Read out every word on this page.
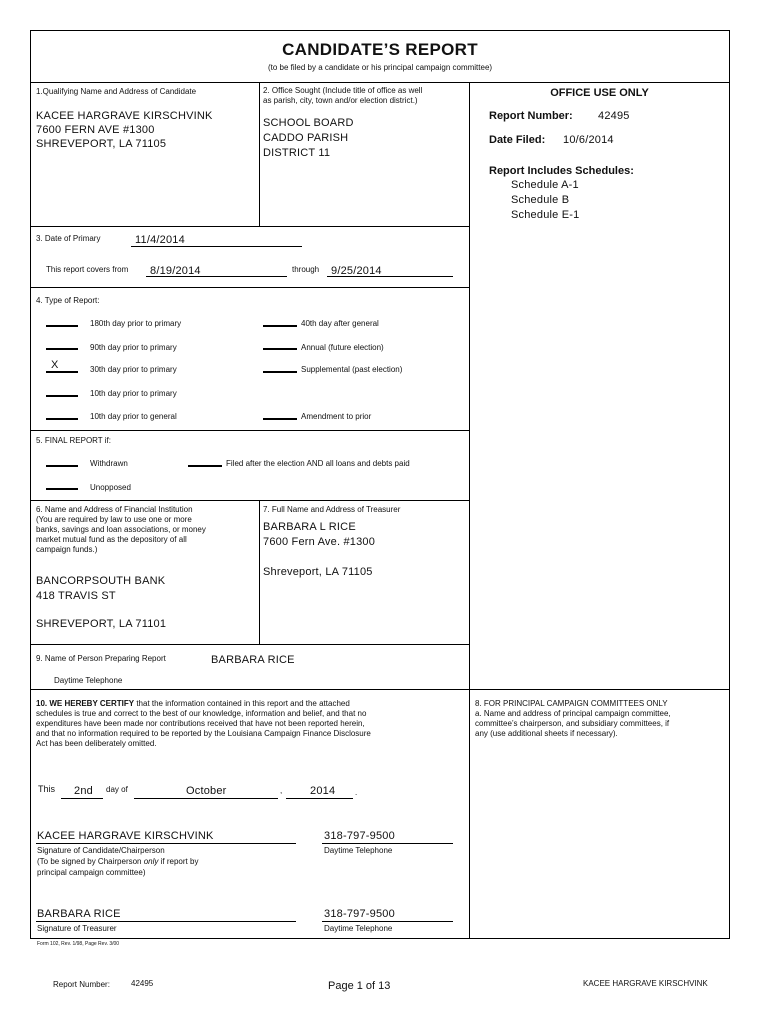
CANDIDATE’S REPORT
(to be filed by a candidate or his principal campaign committee)
1.Qualifying Name and Address of Candidate
KACEE HARGRAVE KIRSCHVINK
7600 FERN AVE #1300
SHREVEPORT, LA 71105
2. Office Sought (Include title of office as well
as parish, city, town and/or election district.)
SCHOOL BOARD
CADDO PARISH
DISTRICT 11
OFFICE USE ONLY
Report Number: 42495
Date Filed: 10/6/2014
Report Includes Schedules:
Schedule A-1
Schedule B
Schedule E-1
3. Date of Primary	11/4/2014
This report covers from 8/19/2014	through 9/25/2014
4. Type of Report:
180th day prior to primary
90th day prior to primary
X	30th day prior to primary
10th day prior to primary
10th day prior to general
40th day after general
Annual (future election)
Supplemental (past election)
Amendment to prior
5. FINAL REPORT if:
Withdrawn	Filed after the election AND all loans and debts paid
Unopposed
6. Name and Address of Financial Institution
(You are required by law to use one or more
banks, savings and loan associations, or money
market mutual fund as the depository of all
campaign funds.)
BANCORPSOUTH BANK
418 TRAVIS ST
SHREVEPORT, LA 71101
7. Full Name and Address of Treasurer
BARBARA L RICE
7600 Fern Ave. #1300
Shreveport, LA 71105
9. Name of Person Preparing Report	BARBARA RICE
Daytime Telephone
10. WE HEREBY CERTIFY that the information contained in this report and the attached
schedules is true and correct to the best of our knowledge, information and belief, and that no
expenditures have been made nor contributions received that have not been reported herein,
and that no information required to be reported by the Louisiana Campaign Finance Disclosure
Act has been deliberately omitted.
This 2nd day of	October	,	2014 .
KACEE HARGRAVE KIRSCHVINK	318-797-9500
Signature of Candidate/Chairperson
(To be signed by Chairperson only if report by
principal campaign committee)
Daytime Telephone
BARBARA RICE	318-797-9500
Signature of Treasurer	Daytime Telephone
8. FOR PRINCIPAL CAMPAIGN COMMITTEES ONLY
a. Name and address of principal campaign committee,
committee’s chairperson, and subsidiary committees, if
any (use additional sheets if necessary).
Form 102, Rev. 1/98, Page Rev. 3/00
Report Number:	42495	Page 1 of 13	KACEE HARGRAVE KIRSCHVINK
